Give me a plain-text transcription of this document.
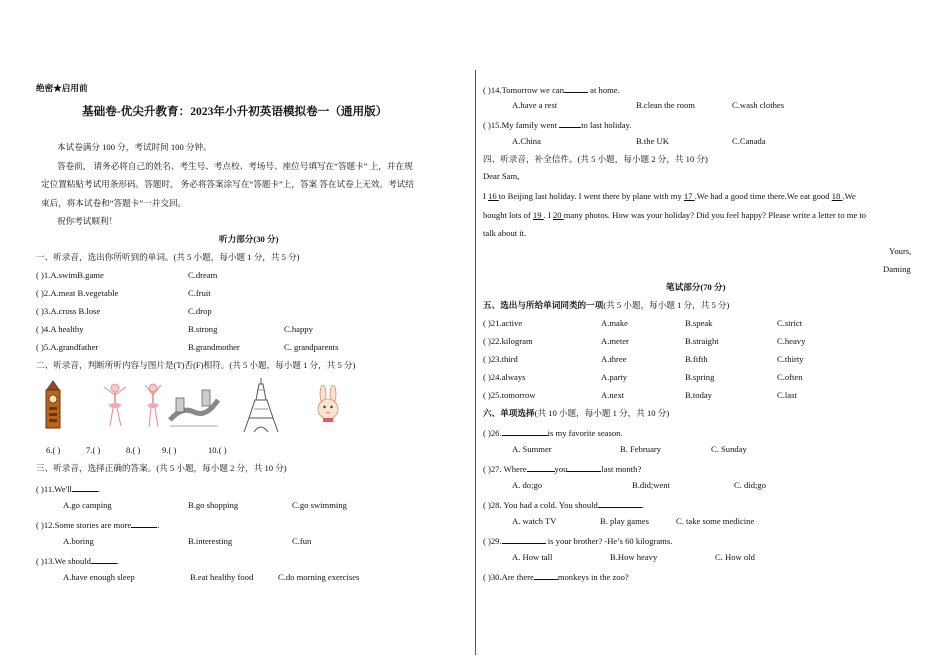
绝密★启用前
基础卷-优尖升教育：2023年小升初英语模拟卷一（通用版）
本试卷满分 100 分，考试时间 100 分钟。
答卷前， 请务必将自己的姓名、考生号、考点校、考场号、座位号填写在“答题卡” 上，并在规
定位置粘贴考试用条形码。答题时， 务必将答案涂写在“答题卡”上，答案 答在试卷上无效。考试结
束后，将本试卷和“答题卡”一并交回。
祝你考试顺利！
听力部分(30 分)
一、听录音，选出你所听到的单词。(共 5 小题，每小题 1 分，共 5 分)
( )1.A.swimB.game	C.dream
( )2.A.meat B.vegetable	C.fruit
( )3.A.cross B.lose	C.drop
( )4.A healthy	B.strong	C.happy
( )5.A.grandfather	B.grandmother	C. grandparents
二、听录音，判断所听内容与图片是(T)否(F)相符。(共 5 小题，每小题 1 分，共 5 分)
6.( )	7.( )	8.( )	9.( )	10.( )
三、听录音，选择正确的答案。(共 5 小题，每小题 2 分，共 10 分)
( )11.We'll	.
A.go camping	B.go shopping	C.go swimming
( )12.Some stories are more	.
A.boring	B.interesting	C.fun
( )13.We should	.
A.have enough sleep	B.eat healthy food	C.do morning exercises
( )14.Tomorrow we can	at home.
A.have a rest	B.clean the room	C.wash clothes
( )15.My family went	to last holiday.
A.China	B.the UK	C.Canada
四、听录音，补全信件。(共 5 小题，每小题 2 分，共 10 分)
Dear Sam,
I 16 to Beijing last holiday. I went there by plane with my 17 .We had a good time there.We eat good 18 .We
bought lots of 19 . I 20 many photos. How was your holiday? Did you feel happy? Please write a letter to me to
talk about it.
Yours,
Daming
笔试部分(70 分)
五、选出与所给单词同类的一项(共 5 小题，每小题 1 分，共 5 分)
( )21.active	A.make	B.speak	C.strict
( )22.kilogram	A.meter	B.straight	C.heavy
( )23.third	A.three	B.fifth	C.thirty
( )24.always	A.party	B.spring	C.often
( )25.tomorrow	A.next	B.today	C.last
六、单项选择(共 10 小题，每小题 1 分，共 10 分)
( )26.	is my favorite season.
A. Summer	B. February	C. Sunday
( )27. Where	you	last month?
A. do;go	B.did;went	C. did;go
( )28. You had a cold. You should	.
A. watch TV	B. play games	C. take some medicine
( )29.	is your brother? -He’s 60 kilograms.
A. How tall	B.How heavy	C. How old
( )30.Are there	monkeys in the zoo?
